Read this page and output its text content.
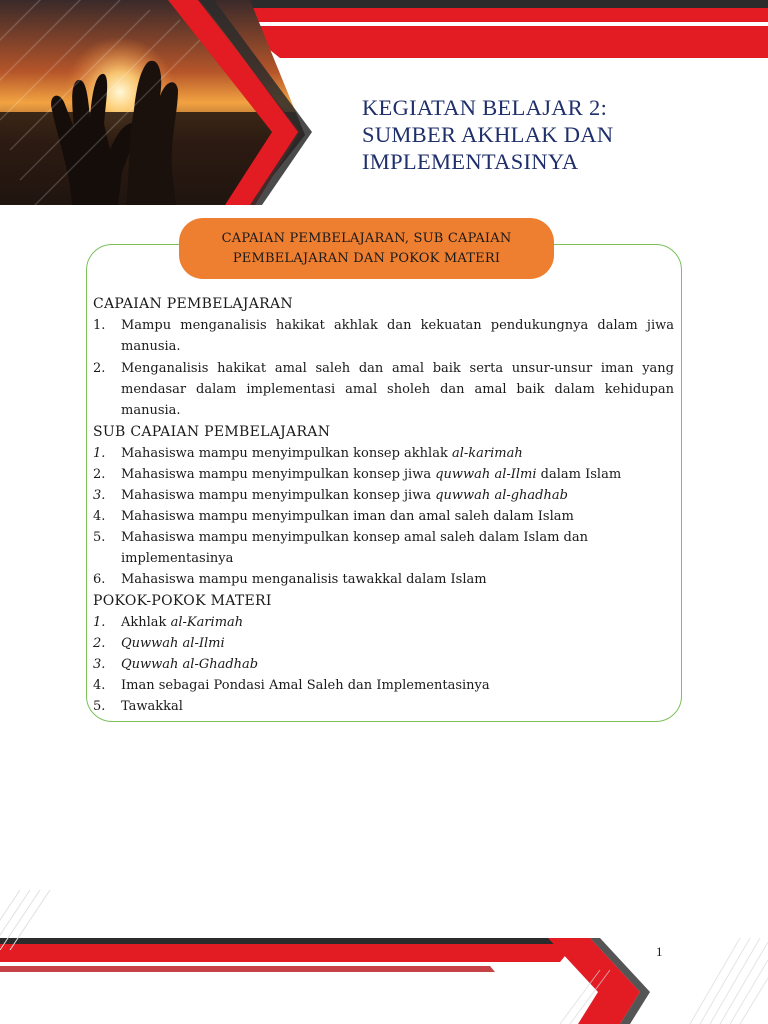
KEGIATAN BELAJAR 2:
SUMBER AKHLAK DAN
IMPLEMENTASINYA
CAPAIAN PEMBELAJARAN, SUB CAPAIAN
PEMBELAJARAN DAN POKOK MATERI
CAPAIAN PEMBELAJARAN
1.	Mampu menganalisis hakikat akhlak dan kekuatan pendukungnya dalam jiwa manusia.
2.	Menganalisis hakikat amal saleh dan amal baik serta unsur-unsur iman yang mendasar dalam implementasi amal sholeh dan amal baik dalam kehidupan manusia.
SUB CAPAIAN PEMBELAJARAN
1.	Mahasiswa mampu menyimpulkan konsep akhlak al-karimah
2.	Mahasiswa mampu menyimpulkan konsep jiwa quwwah al-Ilmi dalam Islam
3.	Mahasiswa mampu menyimpulkan konsep jiwa quwwah al-ghadhab
4.	Mahasiswa mampu menyimpulkan iman dan amal saleh dalam Islam
5.	Mahasiswa mampu menyimpulkan konsep amal saleh dalam Islam dan implementasinya
6.	Mahasiswa mampu menganalisis tawakkal dalam Islam
POKOK-POKOK MATERI
1.	Akhlak al-Karimah
2.	Quwwah al-Ilmi
3.	Quwwah al-Ghadhab
4.	Iman sebagai Pondasi Amal Saleh dan Implementasinya
5.	Tawakkal
1
